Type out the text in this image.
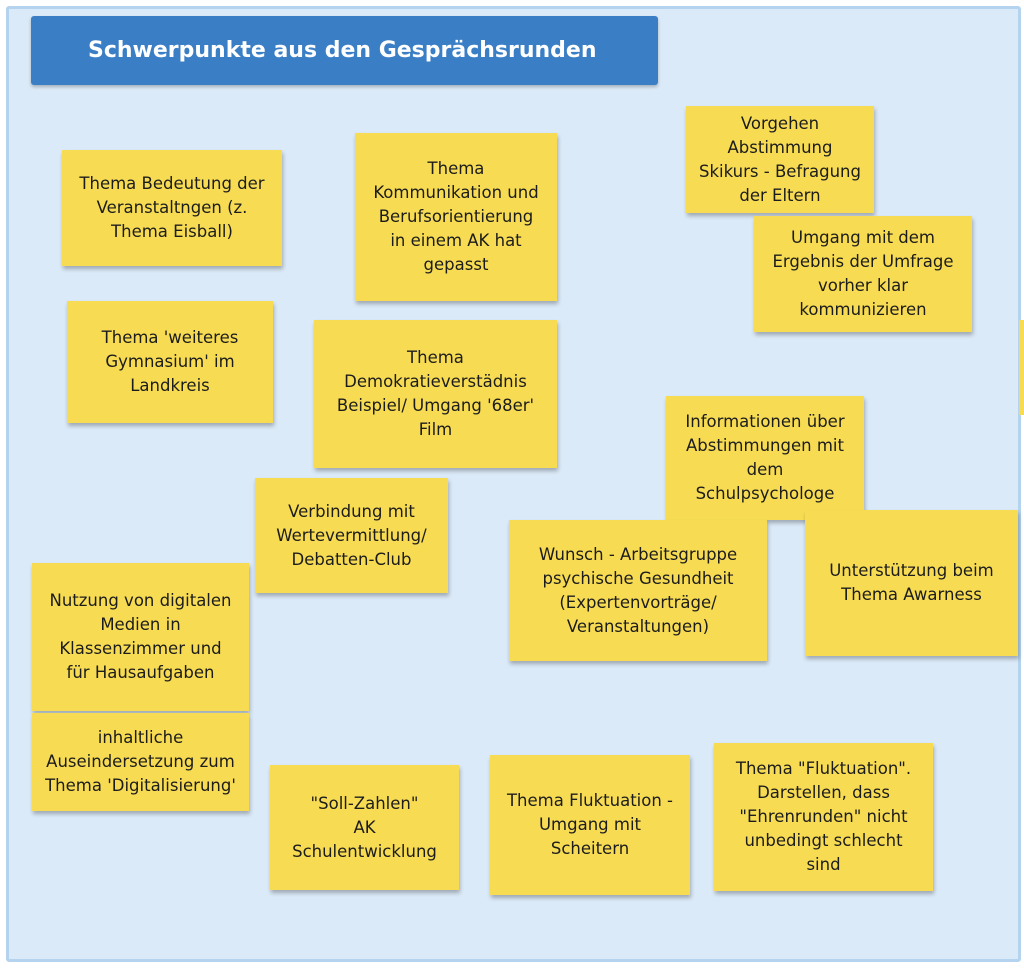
Schwerpunkte aus den Gesprächsrunden
Thema Bedeutung der
Veranstaltngen (z.
Thema Eisball)
Thema
Kommunikation und
Berufsorientierung
in einem AK hat
gepasst
Vorgehen
Abstimmung
Skikurs - Befragung
der Eltern
Umgang mit dem
Ergebnis der Umfrage
vorher klar
kommunizieren
Thema 'weiteres
Gymnasium' im
Landkreis
Thema
Demokratieverstädnis
Beispiel/ Umgang '68er'
Film	Informationen über
Abstimmungen mit
dem
Schulpsychologe
Verbindung mit
Wertevermittlung/
Debatten-Club	Wunsch - Arbeitsgruppe
psychische Gesundheit
(Expertenvorträge/
Veranstaltungen)
Unterstützung beim
Thema Awarness
Nutzung von digitalen
Medien in
Klassenzimmer und
für Hausaufgaben
inhaltliche
Auseindersetzung zum
Thema 'Digitalisierung'
"Soll-Zahlen"
AK
Schulentwicklung
Thema Fluktuation -
Umgang mit
Scheitern
Thema "Fluktuation".
Darstellen, dass
"Ehrenrunden" nicht
unbedingt schlecht
sind
